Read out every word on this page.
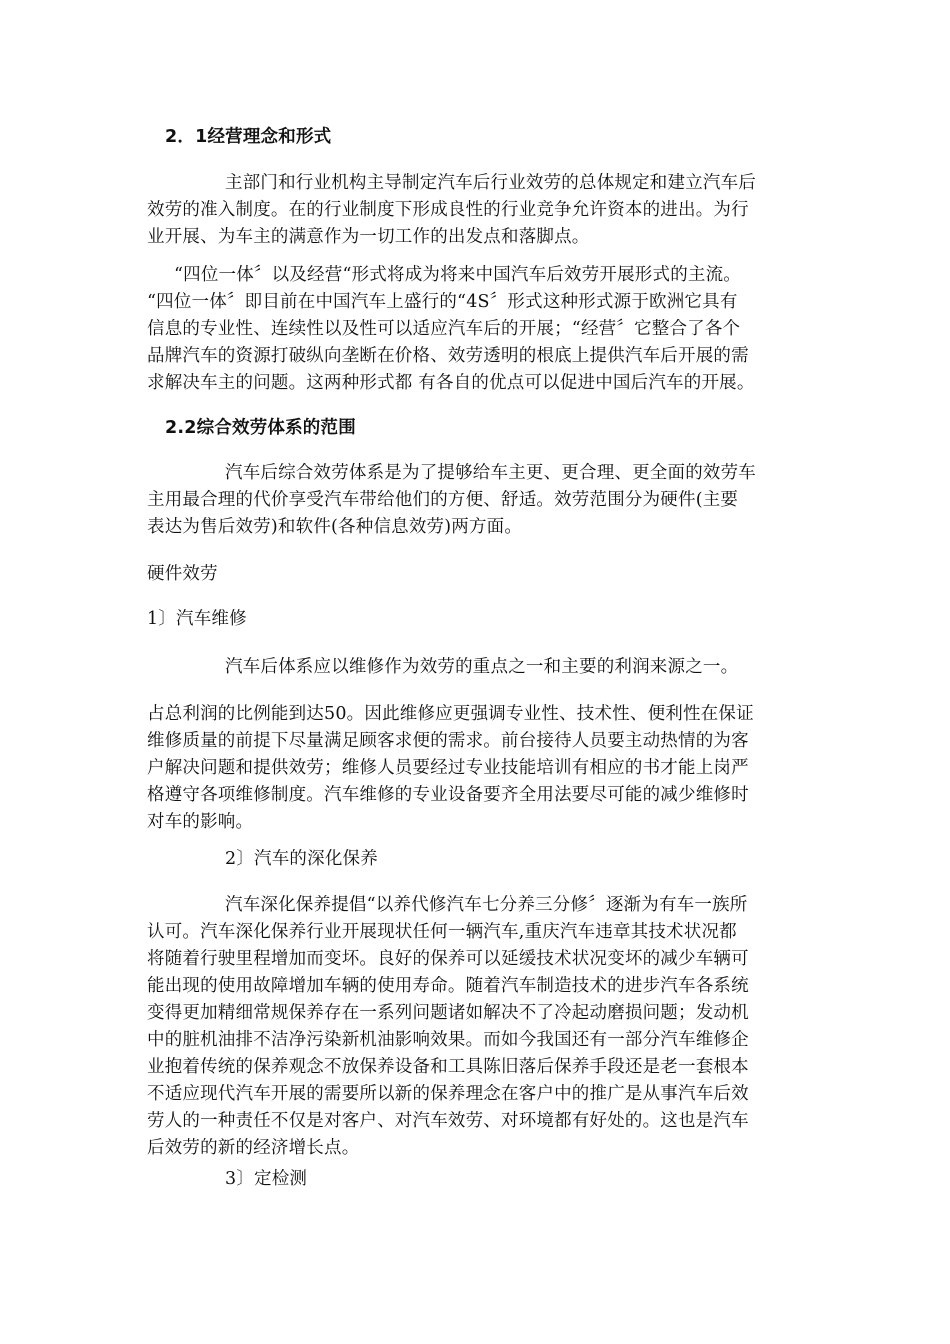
2．1经营理念和形式
主部门和行业机构主导制定汽车后行业效劳的总体规定和建立汽车后
效劳的准入制度。在的行业制度下形成良性的行业竞争允许资本的进出。为行
业开展、为车主的满意作为一切工作的出发点和落脚点。
“四位一体〞以及经营“形式将成为将来中国汽车后效劳开展形式的主流。
“四位一体〞即目前在中国汽车上盛行的“4S〞形式这种形式源于欧洲它具有
信息的专业性、连续性以及性可以适应汽车后的开展；“经营〞它整合了各个
品牌汽车的资源打破纵向垄断在价格、效劳透明的根底上提供汽车后开展的需
求解决车主的问题。这两种形式都 有各自的优点可以促进中国后汽车的开展。
2.2综合效劳体系的范围
汽车后综合效劳体系是为了提够给车主更、更合理、更全面的效劳车
主用最合理的代价享受汽车带给他们的方便、舒适。效劳范围分为硬件(主要
表达为售后效劳)和软件(各种信息效劳)两方面。
硬件效劳
1〕汽车维修
汽车后体系应以维修作为效劳的重点之一和主要的利润来源之一。
占总利润的比例能到达50。因此维修应更强调专业性、技术性、便利性在保证
维修质量的前提下尽量满足顾客求便的需求。前台接待人员要主动热情的为客
户解决问题和提供效劳；维修人员要经过专业技能培训有相应的书才能上岗严
格遵守各项维修制度。汽车维修的专业设备要齐全用法要尽可能的减少维修时
对车的影响。
2〕汽车的深化保养
汽车深化保养提倡“以养代修汽车七分养三分修〞逐渐为有车一族所
认可。汽车深化保养行业开展现状任何一辆汽车,重庆汽车违章其技术状况都
将随着行驶里程增加而变坏。良好的保养可以延缓技术状况变坏的减少车辆可
能出现的使用故障增加车辆的使用寿命。随着汽车制造技术的进步汽车各系统
变得更加精细常规保养存在一系列问题诸如解决不了冷起动磨损问题；发动机
中的脏机油排不洁净污染新机油影响效果。而如今我国还有一部分汽车维修企
业抱着传统的保养观念不放保养设备和工具陈旧落后保养手段还是老一套根本
不适应现代汽车开展的需要所以新的保养理念在客户中的推广是从事汽车后效
劳人的一种责任不仅是对客户、对汽车效劳、对环境都有好处的。这也是汽车
后效劳的新的经济增长点。
3〕定检测
